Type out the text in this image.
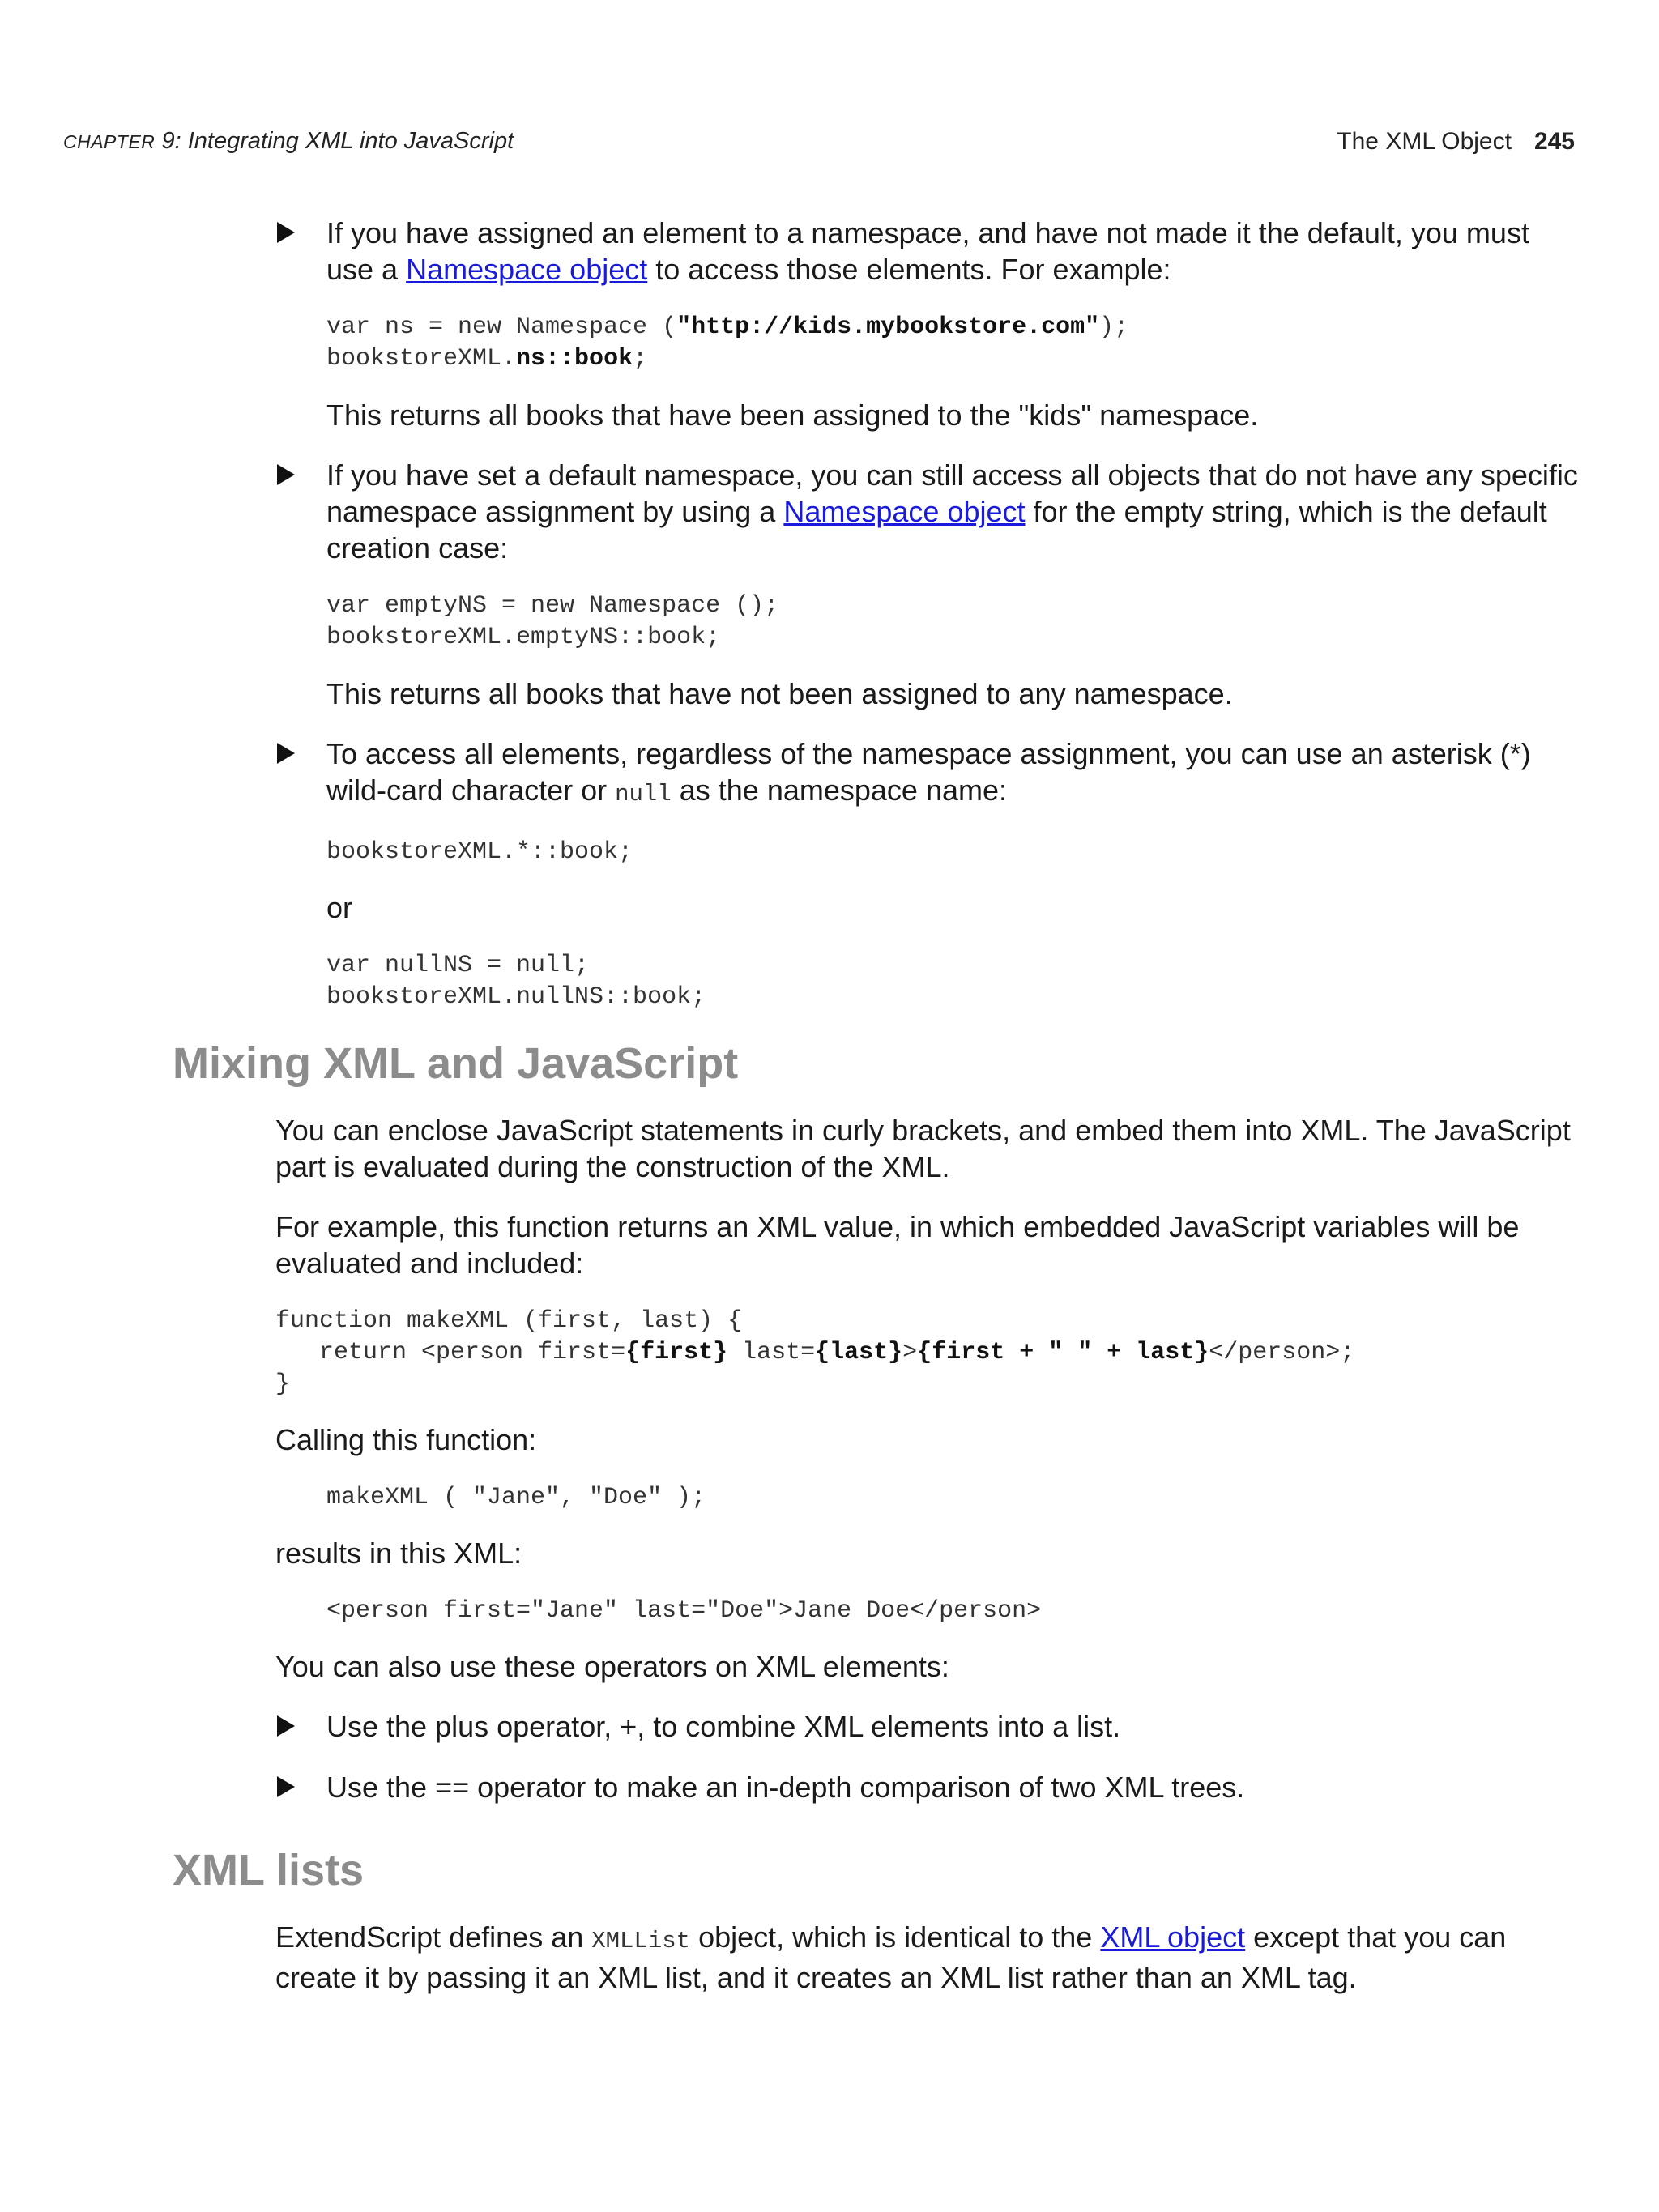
CHAPTER 9: Integrating XML into JavaScript	The XML Object 245
If you have assigned an element to a namespace, and have not made it the default, you must use a Namespace object to access those elements. For example:
var ns = new Namespace ("http://kids.mybookstore.com");
bookstoreXML.ns::book;
This returns all books that have been assigned to the "kids" namespace.
If you have set a default namespace, you can still access all objects that do not have any specific namespace assignment by using a Namespace object for the empty string, which is the default creation case:
var emptyNS = new Namespace ();
bookstoreXML.emptyNS::book;
This returns all books that have not been assigned to any namespace.
To access all elements, regardless of the namespace assignment, you can use an asterisk (*) wild-card character or null as the namespace name:
bookstoreXML.*::book;
or
var nullNS = null;
bookstoreXML.nullNS::book;
Mixing XML and JavaScript
You can enclose JavaScript statements in curly brackets, and embed them into XML. The JavaScript part is evaluated during the construction of the XML.
For example, this function returns an XML value, in which embedded JavaScript variables will be evaluated and included:
function makeXML (first, last) {
return <person first={first} last={last}>{first + " " + last}</person>;
}
Calling this function:
makeXML ( "Jane", "Doe" );
results in this XML:
<person first="Jane" last="Doe">Jane Doe</person>
You can also use these operators on XML elements:
Use the plus operator, +, to combine XML elements into a list.
Use the == operator to make an in-depth comparison of two XML trees.
XML lists
ExtendScript defines an XMLList object, which is identical to the XML object except that you can create it by passing it an XML list, and it creates an XML list rather than an XML tag.
